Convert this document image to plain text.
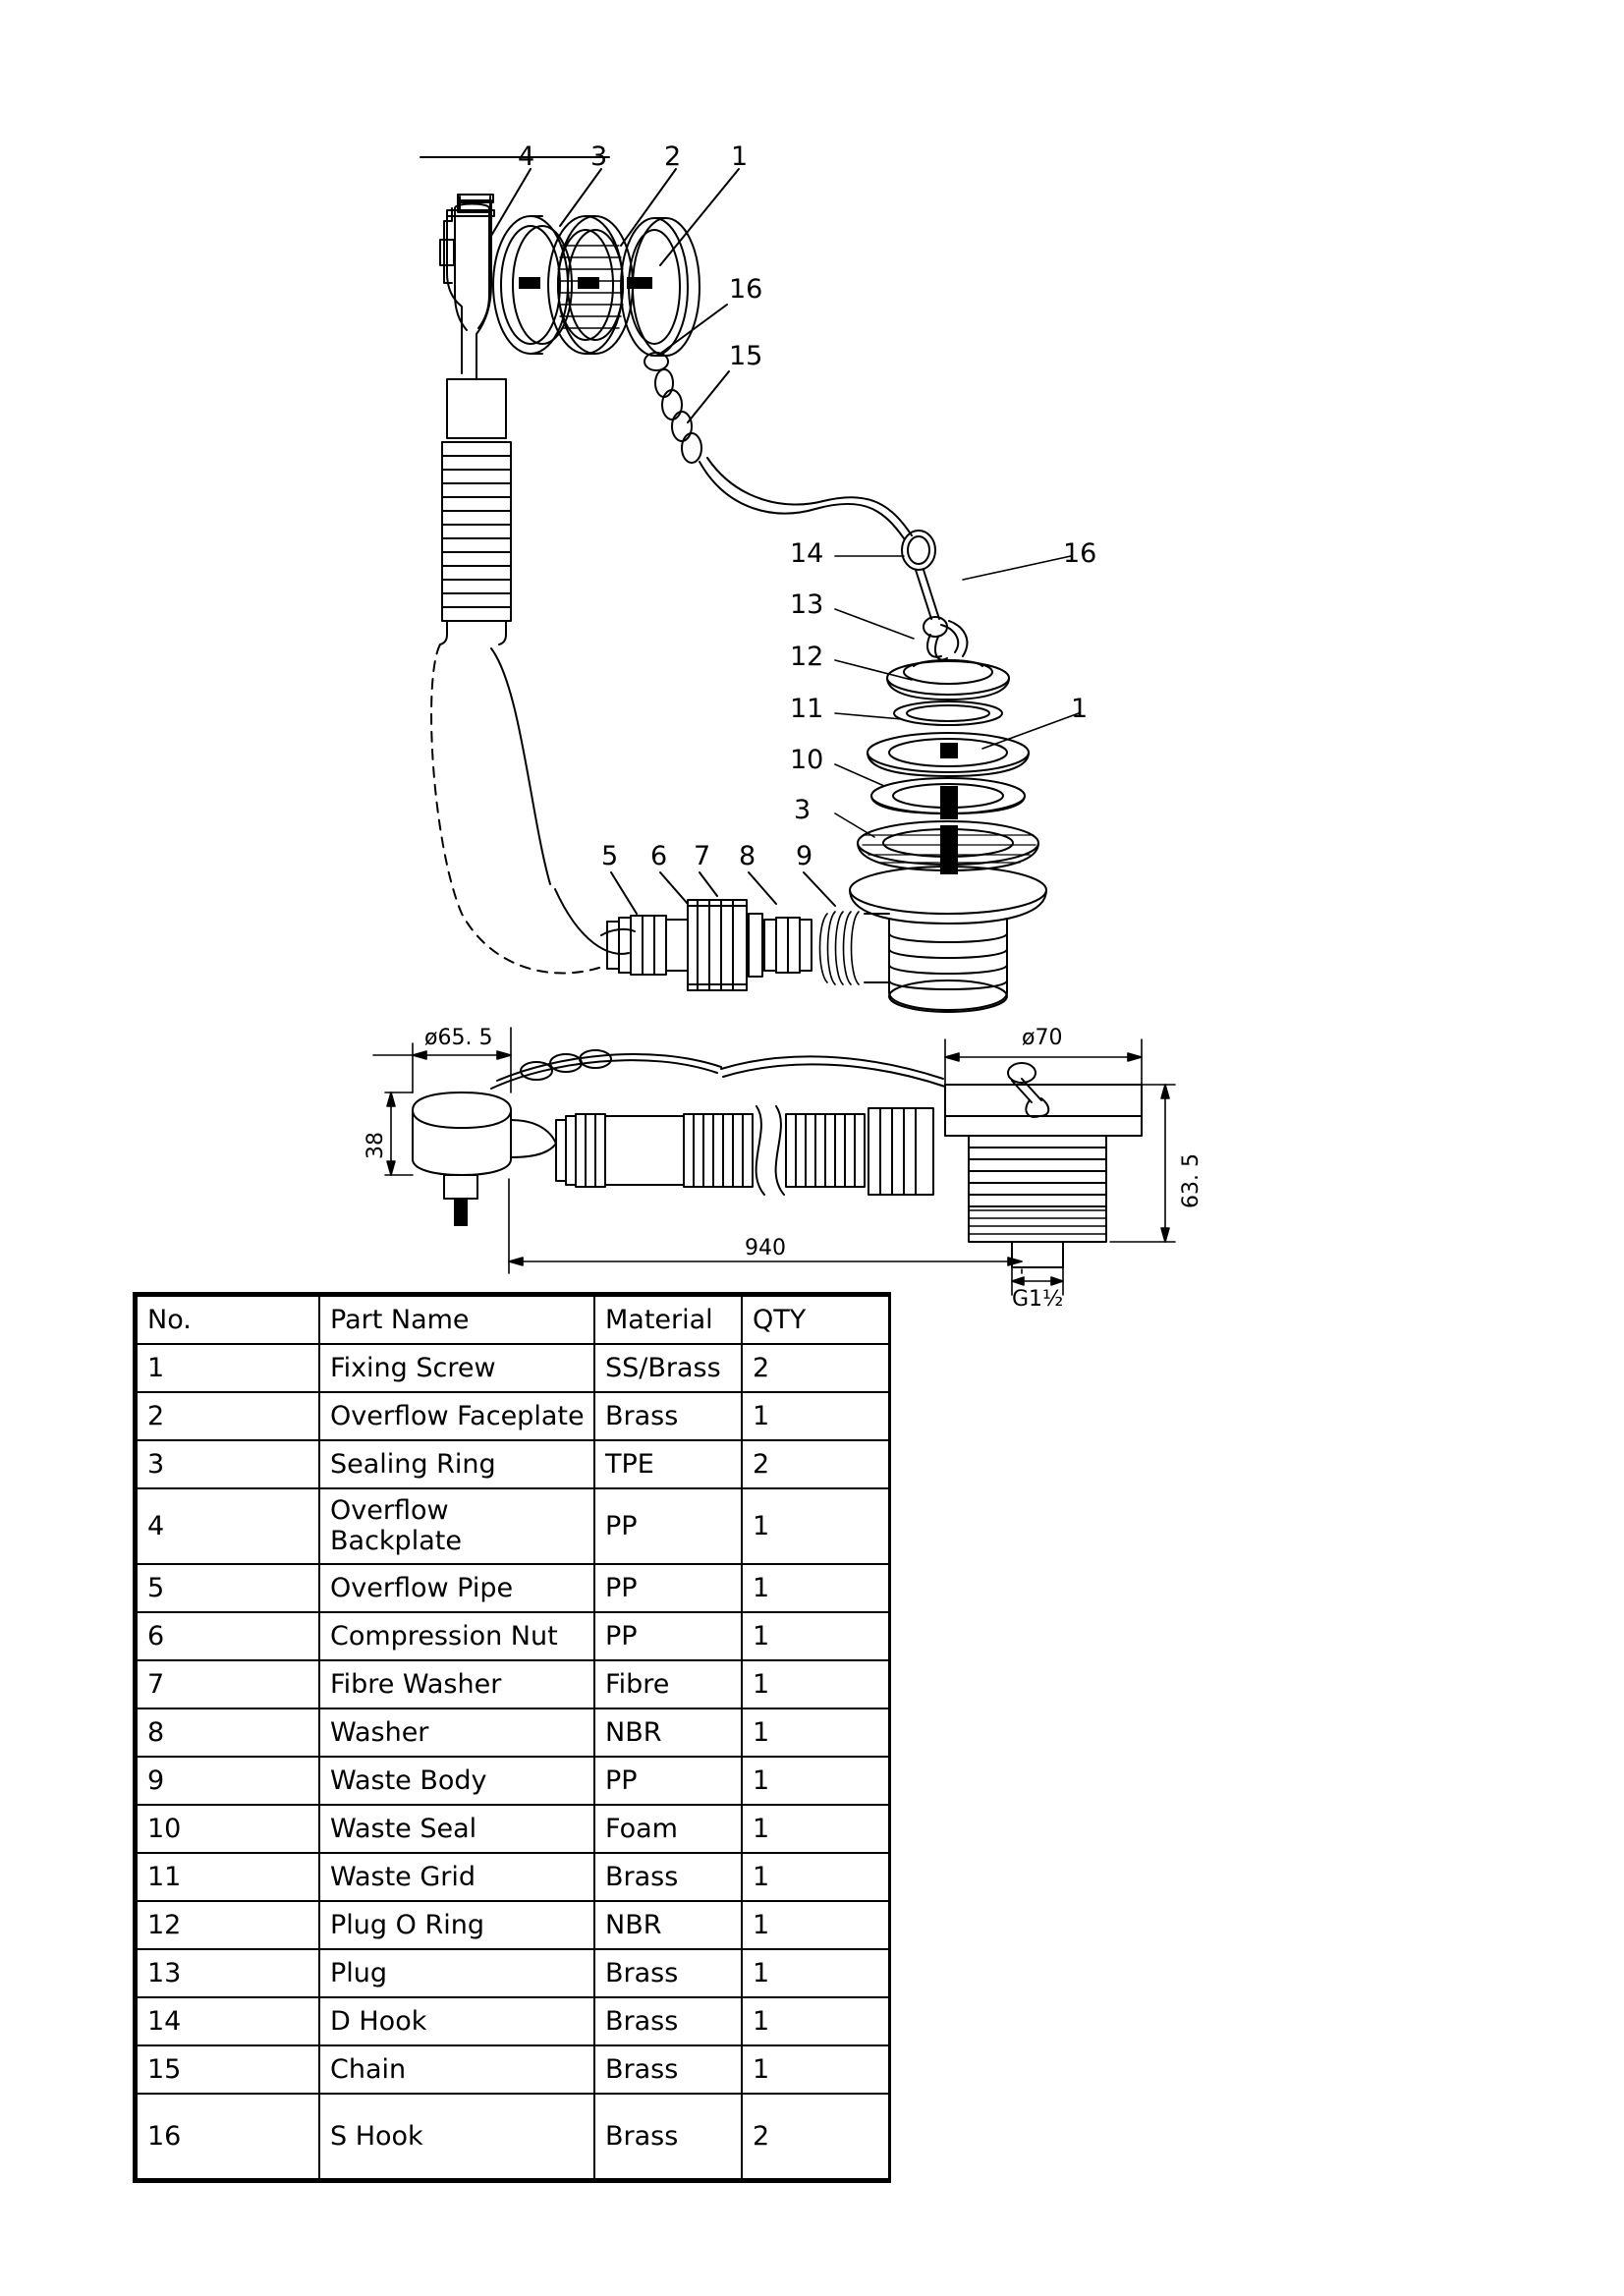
4 3 2 1
16
15
14	16
13
12
11	1
10
3
5 6 7 8 9
ø65. 5	ø70
38
63. 5
940
G1½
No.	Part Name	Material	QTY
1	Fixing Screw	SS/Brass	2
2	Overflow Faceplate	Brass	1
3	Sealing Ring	TPE	2
4	Overflow Backplate	PP	1
5	Overflow Pipe	PP	1
6	Compression Nut	PP	1
7	Fibre Washer	Fibre	1
8	Washer	NBR	1
9	Waste Body	PP	1
10	Waste Seal	Foam	1
11	Waste Grid	Brass	1
12	Plug O Ring	NBR	1
13	Plug	Brass	1
14	D Hook	Brass	1
15	Chain	Brass	1
16	S Hook	Brass	2
